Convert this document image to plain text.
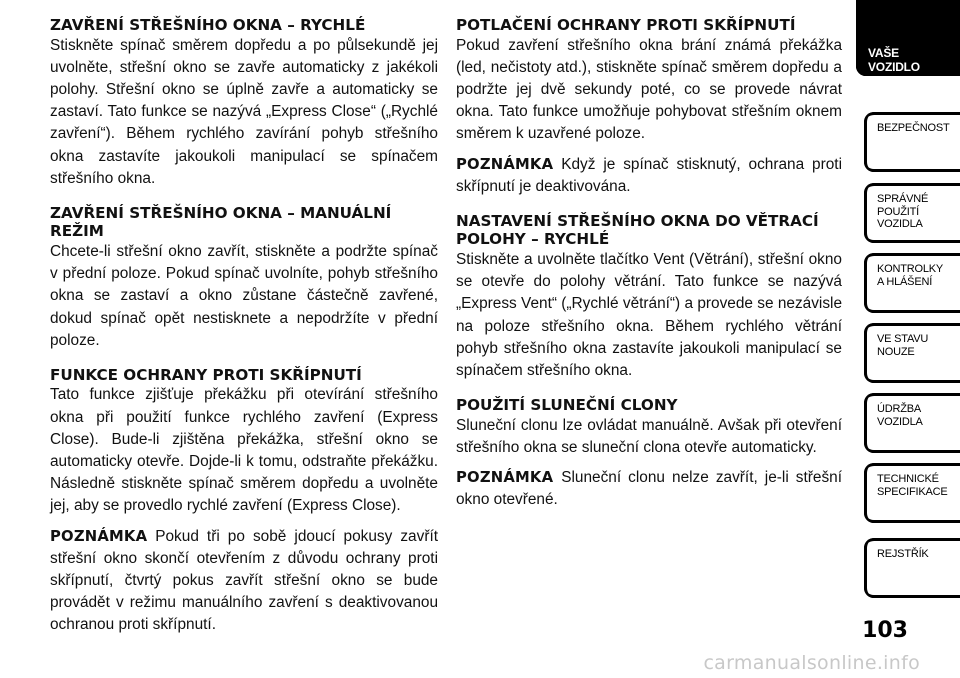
ZAVŘENÍ STŘEŠNÍHO OKNA – RYCHLÉ

Stiskněte spínač směrem dopředu a po půlsekundě jej uvolněte, střešní okno se zavře automaticky z jakékoli polohy. Střešní okno se úplně zavře a automaticky se zastaví. Tato funkce se nazývá „Express Close“ („Rychlé zavření“). Během rychlého zavírání pohyb střešního okna zastavíte jakoukoli manipulací se spínačem střešního okna.

ZAVŘENÍ STŘEŠNÍHO OKNA – MANUÁLNÍ REŽIM

Chcete-li střešní okno zavřít, stiskněte a podržte spínač v přední poloze. Pokud spínač uvolníte, pohyb střešního okna se zastaví a okno zůstane částečně zavřené, dokud spínač opět nestisknete a nepodržíte v přední poloze.

FUNKCE OCHRANY PROTI SKŘÍPNUTÍ

Tato funkce zjišťuje překážku při otevírání střešního okna při použití funkce rychlého zavření (Express Close). Bude-li zjištěna překážka, střešní okno se automaticky otevře. Dojde-li k tomu, odstraňte překážku. Následně stiskněte spínač směrem dopředu a uvolněte jej, aby se provedlo rychlé zavření (Express Close).

POZNÁMKA Pokud tři po sobě jdoucí pokusy zavřít střešní okno skončí otevřením z důvodu ochrany proti skřípnutí, čtvrtý pokus zavřít střešní okno se bude provádět v režimu manuálního zavření s deaktivovanou ochranou proti skřípnutí.

POTLAČENÍ OCHRANY PROTI SKŘÍPNUTÍ

Pokud zavření střešního okna brání známá překážka (led, nečistoty atd.), stiskněte spínač směrem dopředu a podržte jej dvě sekundy poté, co se provede návrat okna. Tato funkce umožňuje pohybovat střešním oknem směrem k uzavřené poloze.

POZNÁMKA Když je spínač stisknutý, ochrana proti skřípnutí je deaktivována.

NASTAVENÍ STŘEŠNÍHO OKNA DO VĚTRACÍ POLOHY – RYCHLÉ

Stiskněte a uvolněte tlačítko Vent (Větrání), střešní okno se otevře do polohy větrání. Tato funkce se nazývá „Express Vent“ („Rychlé větrání“) a provede se nezávisle na poloze střešního okna. Během rychlého větrání pohyb střešního okna zastavíte jakoukoli manipulací se spínačem střešního okna.

POUŽITÍ SLUNEČNÍ CLONY

Sluneční clonu lze ovládat manuálně. Avšak při otevření střešního okna se sluneční clona otevře automaticky.

POZNÁMKA Sluneční clonu nelze zavřít, je-li střešní okno otevřené.

VAŠE
VOZIDLO
BEZPEČNOST
SPRÁVNÉ
POUŽITÍ
VOZIDLA
KONTROLKY
A HLÁŠENÍ
VE STAVU
NOUZE
ÚDRŽBA
VOZIDLA
TECHNICKÉ
SPECIFIKACE
REJSTŘÍK
103
carmanualsonline.info
